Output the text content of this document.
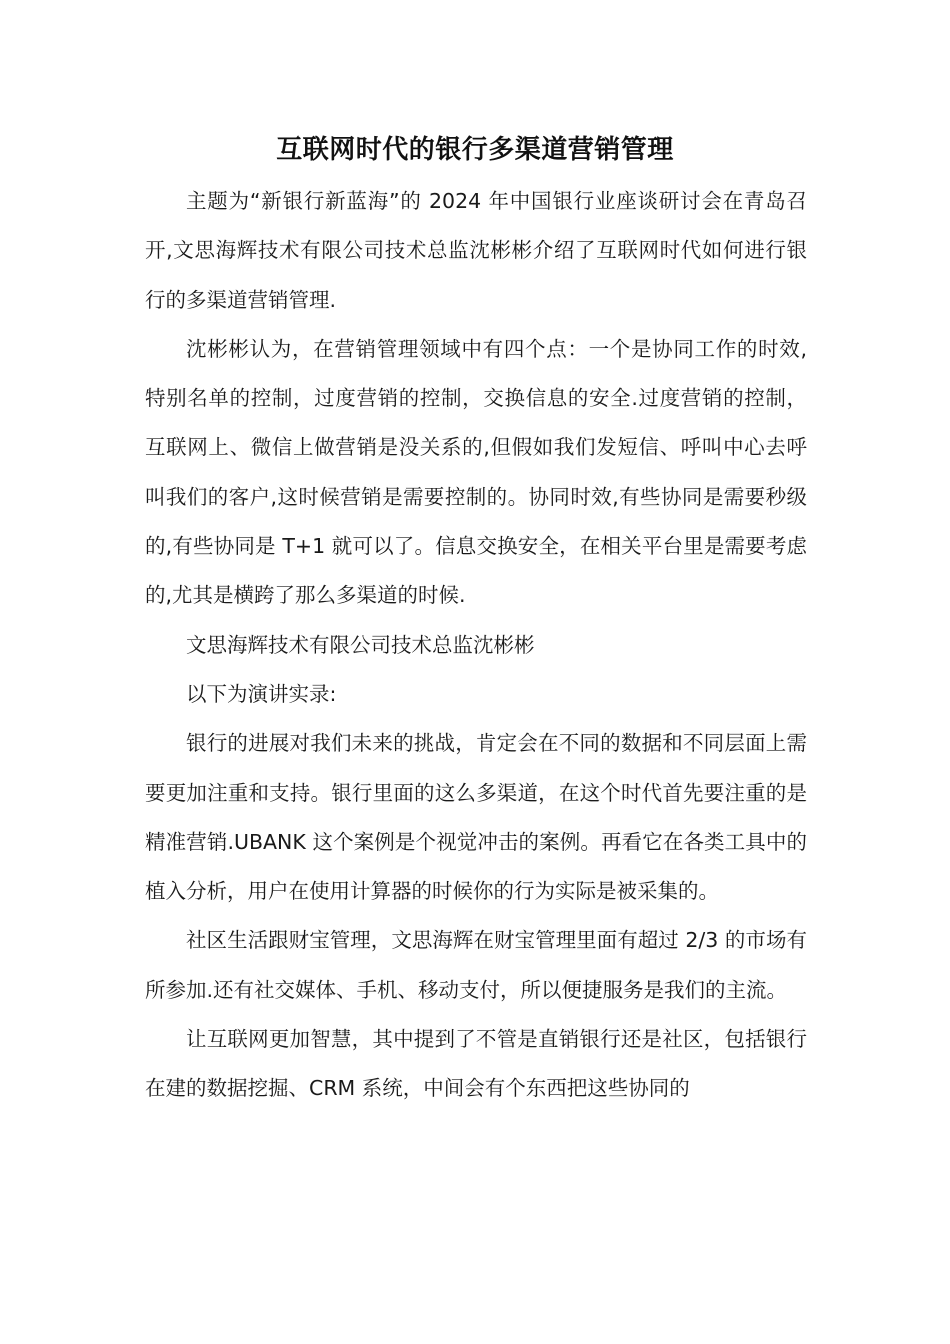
互联网时代的银行多渠道营销管理

主题为“新银行新蓝海”的 2024 年中国银行业座谈研讨会在青岛召开,文思海辉技术有限公司技术总监沈彬彬介绍了互联网时代如何进行银行的多渠道营销管理.

沈彬彬认为，在营销管理领域中有四个点：一个是协同工作的时效,特别名单的控制，过度营销的控制，交换信息的安全.过度营销的控制，互联网上、微信上做营销是没关系的,但假如我们发短信、呼叫中心去呼叫我们的客户,这时候营销是需要控制的。协同时效,有些协同是需要秒级的,有些协同是 T+1 就可以了。信息交换安全，在相关平台里是需要考虑的,尤其是横跨了那么多渠道的时候.

文思海辉技术有限公司技术总监沈彬彬

以下为演讲实录:

银行的进展对我们未来的挑战，肯定会在不同的数据和不同层面上需要更加注重和支持。银行里面的这么多渠道，在这个时代首先要注重的是精准营销.UBANK 这个案例是个视觉冲击的案例。再看它在各类工具中的植入分析，用户在使用计算器的时候你的行为实际是被采集的。

社区生活跟财宝管理，文思海辉在财宝管理里面有超过 2/3 的市场有所参加.还有社交媒体、手机、移动支付，所以便捷服务是我们的主流。

让互联网更加智慧，其中提到了不管是直销银行还是社区，包括银行在建的数据挖掘、CRM 系统，中间会有个东西把这些协同的
